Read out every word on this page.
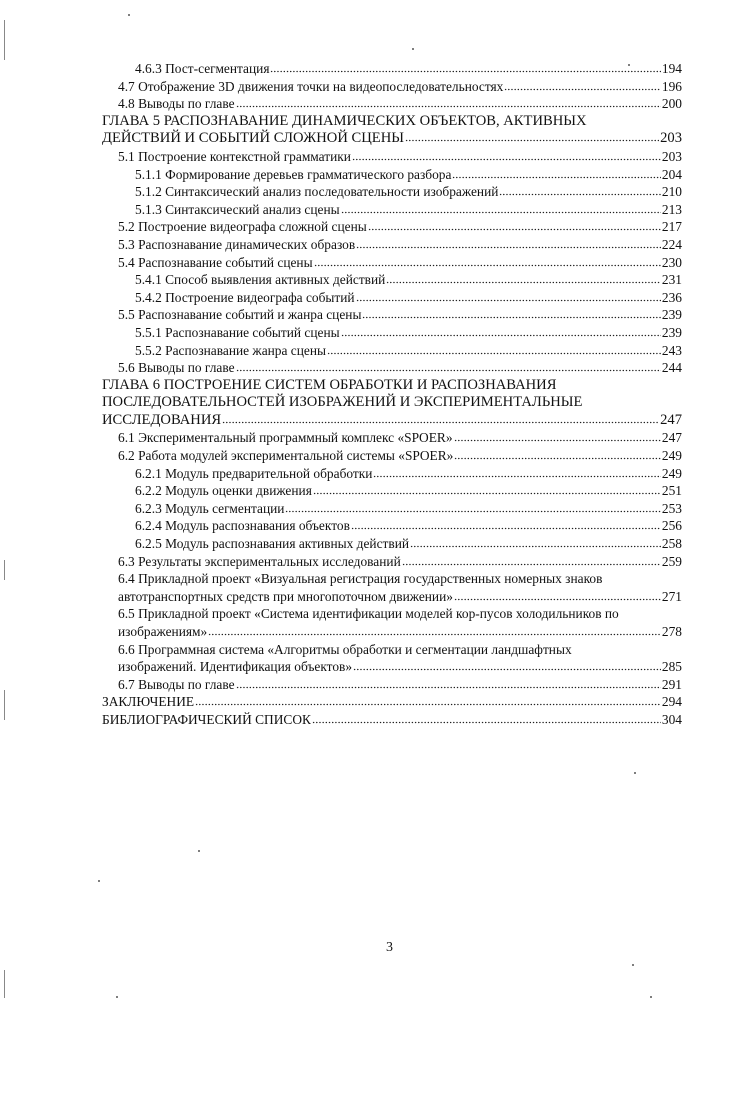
4.6.3 Пост-сегментация	194
4.7 Отображение 3D движения точки на видеопоследовательностях	196
4.8 Выводы по главе	200
ГЛАВА 5 РАСПОЗНАВАНИЕ ДИНАМИЧЕСКИХ ОБЪЕКТОВ, АКТИВНЫХ
ДЕЙСТВИЙ И СОБЫТИЙ СЛОЖНОЙ СЦЕНЫ	203
5.1 Построение контекстной грамматики	203
5.1.1 Формирование деревьев грамматического разбора	204
5.1.2 Синтаксический анализ последовательности изображений	210
5.1.3 Синтаксический анализ сцены	213
5.2 Построение видеографа сложной сцены	217
5.3 Распознавание динамических образов	224
5.4 Распознавание событий сцены	230
5.4.1 Способ выявления активных действий	231
5.4.2 Построение видеографа событий	236
5.5 Распознавание событий и жанра сцены	239
5.5.1 Распознавание событий сцены	239
5.5.2 Распознавание жанра сцены	243
5.6 Выводы по главе	244
ГЛАВА 6 ПОСТРОЕНИЕ СИСТЕМ ОБРАБОТКИ И РАСПОЗНАВАНИЯ
ПОСЛЕДОВАТЕЛЬНОСТЕЙ ИЗОБРАЖЕНИЙ И ЭКСПЕРИМЕНТАЛЬНЫЕ
ИССЛЕДОВАНИЯ	247
6.1 Экспериментальный программный комплекс «SPOER»	247
6.2 Работа модулей экспериментальной системы «SPOER»	249
6.2.1 Модуль предварительной обработки	249
6.2.2 Модуль оценки движения	251
6.2.3 Модуль сегментации	253
6.2.4 Модуль распознавания объектов	256
6.2.5 Модуль распознавания активных действий	258
6.3 Результаты экспериментальных исследований	259
6.4 Прикладной проект «Визуальная регистрация государственных номерных знаков
автотранспортных средств при многопоточном движении»	271
6.5 Прикладной проект «Система идентификации моделей кор-пусов холодильников по
изображениям»	278
6.6 Программная система «Алгоритмы обработки и сегментации ландшафтных
изображений. Идентификация объектов»	285
6.7 Выводы по главе	291
ЗАКЛЮЧЕНИЕ	294
БИБЛИОГРАФИЧЕСКИЙ СПИСОК	304
3
